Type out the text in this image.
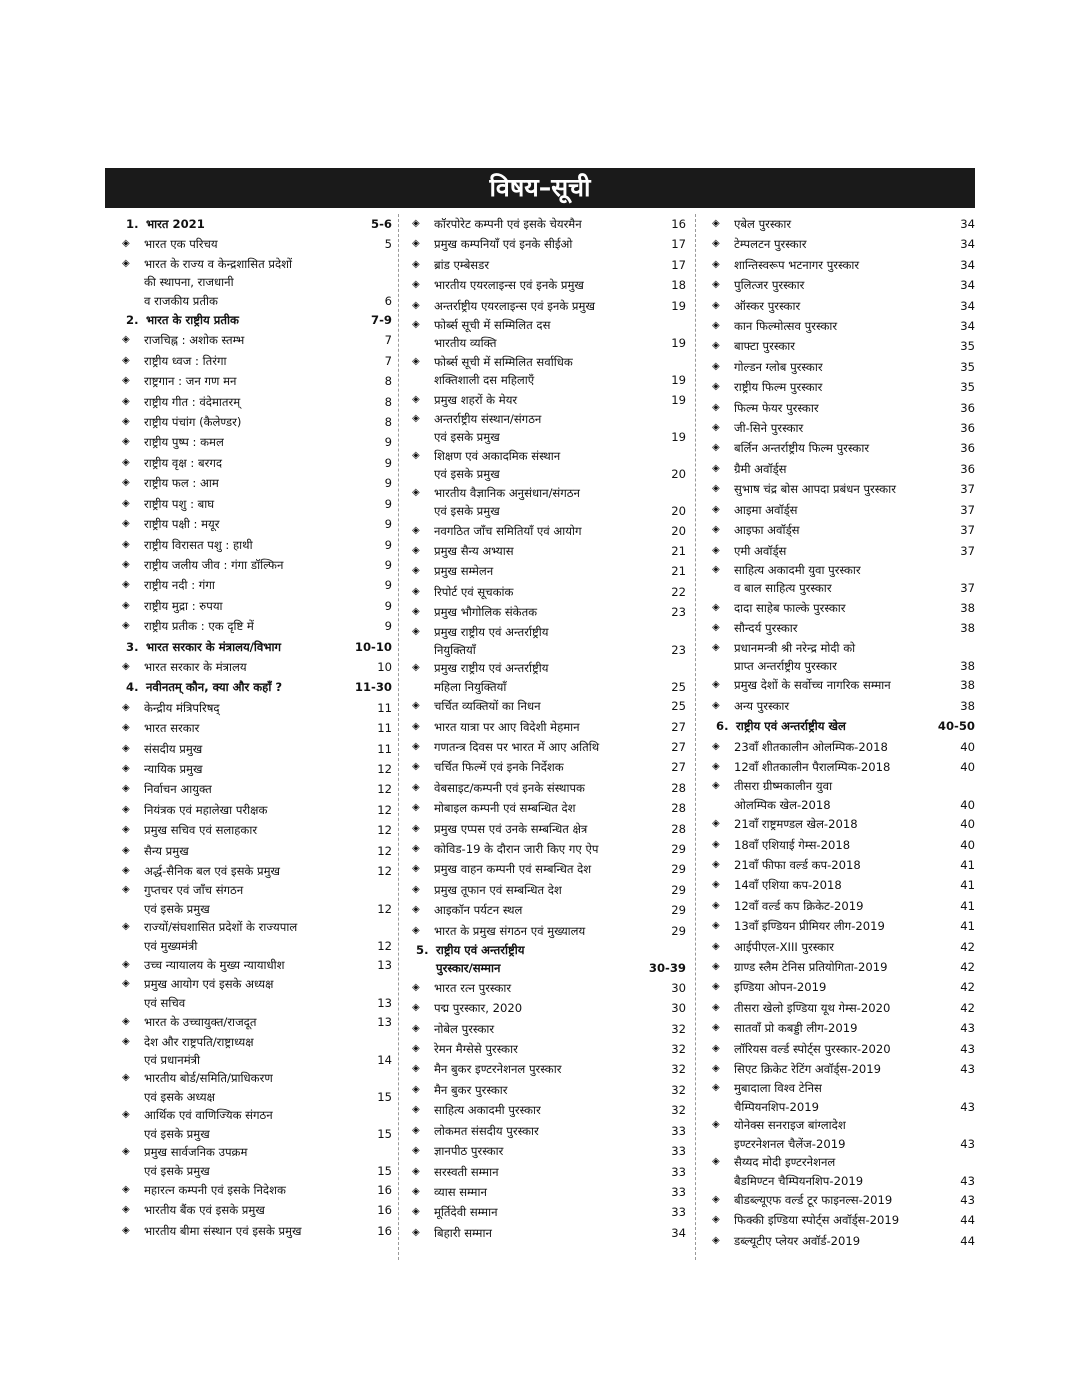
विषय–सूची
1. भारत 2021	5-6
◈	भारत एक परिचय	5
◈	भारत के राज्य व केन्द्रशासित प्रदेशों
की स्थापना, राजधानी
व राजकीय प्रतीक	6
2. भारत के राष्ट्रीय प्रतीक	7-9
◈	राजचिह्न : अशोक स्तम्भ	7
◈	राष्ट्रीय ध्वज : तिरंगा	7
◈	राष्ट्रगान : जन गण मन	8
◈	राष्ट्रीय गीत : वंदेमातरम्	8
◈	राष्ट्रीय पंचांग (कैलेण्डर)	8
◈	राष्ट्रीय पुष्प : कमल	9
◈	राष्ट्रीय वृक्ष : बरगद	9
◈	राष्ट्रीय फल : आम	9
◈	राष्ट्रीय पशु : बाघ	9
◈	राष्ट्रीय पक्षी : मयूर	9
◈	राष्ट्रीय विरासत पशु : हाथी	9
◈	राष्ट्रीय जलीय जीव : गंगा डॉल्फिन	9
◈	राष्ट्रीय नदी : गंगा	9
◈	राष्ट्रीय मुद्रा : रुपया	9
◈	राष्ट्रीय प्रतीक : एक दृष्टि में	9
3. भारत सरकार के मंत्रालय/विभाग	10-10
◈	भारत सरकार के मंत्रालय	10
4. नवीनतम् कौन, क्या और कहाँ ?	11-30
◈	केन्द्रीय मंत्रिपरिषद्	11
◈	भारत सरकार	11
◈	संसदीय प्रमुख	11
◈	न्यायिक प्रमुख	12
◈	निर्वाचन आयुक्त	12
◈	नियंत्रक एवं महालेखा परीक्षक	12
◈	प्रमुख सचिव एवं सलाहकार	12
◈	सैन्य प्रमुख	12
◈	अर्द्ध-सैनिक बल एवं इसके प्रमुख	12
◈	गुप्तचर एवं जाँच संगठन
एवं इसके प्रमुख	12
◈	राज्यों/संघशासित प्रदेशों के राज्यपाल
एवं मुख्यमंत्री	12
◈	उच्च न्यायालय के मुख्य न्यायाधीश	13
◈	प्रमुख आयोग एवं इसके अध्यक्ष
एवं सचिव	13
◈	भारत के उच्चायुक्त/राजदूत	13
◈	देश और राष्ट्रपति/राष्ट्राध्यक्ष
एवं प्रधानमंत्री	14
◈	भारतीय बोर्ड/समिति/प्राधिकरण
एवं इसके अध्यक्ष	15
◈	आर्थिक एवं वाणिज्यिक संगठन
एवं इसके प्रमुख	15
◈	प्रमुख सार्वजनिक उपक्रम
एवं इसके प्रमुख	15
◈	महारत्न कम्पनी एवं इसके निदेशक	16
◈	भारतीय बैंक एवं इसके प्रमुख	16
◈	भारतीय बीमा संस्थान एवं इसके प्रमुख	16
◈	कॉरपोरेट कम्पनी एवं इसके चेयरमैन	16
◈	प्रमुख कम्पनियाँ एवं इनके सीईओ	17
◈	ब्रांड एम्बेसडर	17
◈	भारतीय एयरलाइन्स एवं इनके प्रमुख	18
◈	अन्तर्राष्ट्रीय एयरलाइन्स एवं इनके प्रमुख	19
◈	फोर्ब्स सूची में सम्मिलित दस
भारतीय व्यक्ति	19
◈	फोर्ब्स सूची में सम्मिलित सर्वाधिक
शक्तिशाली दस महिलाएँ	19
◈	प्रमुख शहरों के मेयर	19
◈	अन्तर्राष्ट्रीय संस्थान/संगठन
एवं इसके प्रमुख	19
◈	शिक्षण एवं अकादमिक संस्थान
एवं इसके प्रमुख	20
◈	भारतीय वैज्ञानिक अनुसंधान/संगठन
एवं इसके प्रमुख	20
◈	नवगठित जाँच समितियाँ एवं आयोग	20
◈	प्रमुख सैन्य अभ्यास	21
◈	प्रमुख सम्मेलन	21
◈	रिपोर्ट एवं सूचकांक	22
◈	प्रमुख भौगोलिक संकेतक	23
◈	प्रमुख राष्ट्रीय एवं अन्तर्राष्ट्रीय
नियुक्तियाँ	23
◈	प्रमुख राष्ट्रीय एवं अन्तर्राष्ट्रीय
महिला नियुक्तियाँ	25
◈	चर्चित व्यक्तियों का निधन	25
◈	भारत यात्रा पर आए विदेशी मेहमान	27
◈	गणतन्त्र दिवस पर भारत में आए अतिथि	27
◈	चर्चित फिल्में एवं इनके निर्देशक	27
◈	वेबसाइट/कम्पनी एवं इनके संस्थापक	28
◈	मोबाइल कम्पनी एवं सम्बन्धित देश	28
◈	प्रमुख एप्पस एवं उनके सम्बन्धित क्षेत्र	28
◈	कोविड-19 के दौरान जारी किए गए ऐप	29
◈	प्रमुख वाहन कम्पनी एवं सम्बन्धित देश	29
◈	प्रमुख तूफान एवं सम्बन्धित देश	29
◈	आइकॉन पर्यटन स्थल	29
◈	भारत के प्रमुख संगठन एवं मुख्यालय	29
5. राष्ट्रीय एवं अन्तर्राष्ट्रीय
पुरस्कार/सम्मान	30-39
◈	भारत रत्न पुरस्कार	30
◈	पद्म पुरस्कार, 2020	30
◈	नोबेल पुरस्कार	32
◈	रेमन मैग्सेसे पुरस्कार	32
◈	मैन बुकर इण्टरनेशनल पुरस्कार	32
◈	मैन बुकर पुरस्कार	32
◈	साहित्य अकादमी पुरस्कार	32
◈	लोकमत संसदीय पुरस्कार	33
◈	ज्ञानपीठ पुरस्कार	33
◈	सरस्वती सम्मान	33
◈	व्यास सम्मान	33
◈	मूर्तिदेवी सम्मान	33
◈	बिहारी सम्मान	34
◈	एबेल पुरस्कार	34
◈	टेम्पलटन पुरस्कार	34
◈	शान्तिस्वरूप भटनागर पुरस्कार	34
◈	पुलित्जर पुरस्कार	34
◈	ऑस्कर पुरस्कार	34
◈	कान फिल्मोत्सव पुरस्कार	34
◈	बाफ्टा पुरस्कार	35
◈	गोल्डन ग्लोब पुरस्कार	35
◈	राष्ट्रीय फिल्म पुरस्कार	35
◈	फिल्म फेयर पुरस्कार	36
◈	जी-सिने पुरस्कार	36
◈	बर्लिन अन्तर्राष्ट्रीय फिल्म पुरस्कार	36
◈	ग्रैमी अवॉर्ड्स	36
◈	सुभाष चंद्र बोस आपदा प्रबंधन पुरस्कार	37
◈	आइमा अवॉर्ड्स	37
◈	आइफा अवॉर्ड्स	37
◈	एमी अवॉर्ड्स	37
◈	साहित्य अकादमी युवा पुरस्कार
व बाल साहित्य पुरस्कार	37
◈	दादा साहेब फाल्के पुरस्कार	38
◈	सौन्दर्य पुरस्कार	38
◈	प्रधानमन्त्री श्री नरेन्द्र मोदी को
प्राप्त अन्तर्राष्ट्रीय पुरस्कार	38
◈	प्रमुख देशों के सर्वोच्च नागरिक सम्मान	38
◈	अन्य पुरस्कार	38
6. राष्ट्रीय एवं अन्तर्राष्ट्रीय खेल	40-50
◈	23वाँ शीतकालीन ओलम्पिक-2018	40
◈	12वाँ शीतकालीन पैरालम्पिक-2018	40
◈	तीसरा ग्रीष्मकालीन युवा
ओलम्पिक खेल-2018	40
◈	21वाँ राष्ट्रमण्डल खेल-2018	40
◈	18वाँ एशियाई गेम्स-2018	40
◈	21वाँ फीफा वर्ल्ड कप-2018	41
◈	14वाँ एशिया कप-2018	41
◈	12वाँ वर्ल्ड कप क्रिकेट-2019	41
◈	13वाँ इण्डियन प्रीमियर लीग-2019	41
◈	आईपीएल-XIII पुरस्कार	42
◈	ग्राण्ड स्लैम टेनिस प्रतियोगिता-2019	42
◈	इण्डिया ओपन-2019	42
◈	तीसरा खेलो इण्डिया यूथ गेम्स-2020	42
◈	सातवाँ प्रो कबड्डी लीग-2019	43
◈	लॉरियस वर्ल्ड स्पोर्ट्स पुरस्कार-2020	43
◈	सिएट क्रिकेट रेटिंग अवॉर्ड्स-2019	43
◈	मुबादाला विश्व टेनिस
चैम्पियनशिप-2019	43
◈	योनेक्स सनराइज बांग्लादेश
इण्टरनेशनल चैलेंज-2019	43
◈	सैय्यद मोदी इण्टरनेशनल
बैडमिण्टन चैम्पियनशिप-2019	43
◈	बीडब्ल्यूएफ वर्ल्ड टूर फाइनल्स-2019	43
◈	फिक्की इण्डिया स्पोर्ट्स अवॉर्ड्स-2019	44
◈	डब्ल्यूटीए प्लेयर अवॉर्ड-2019	44
